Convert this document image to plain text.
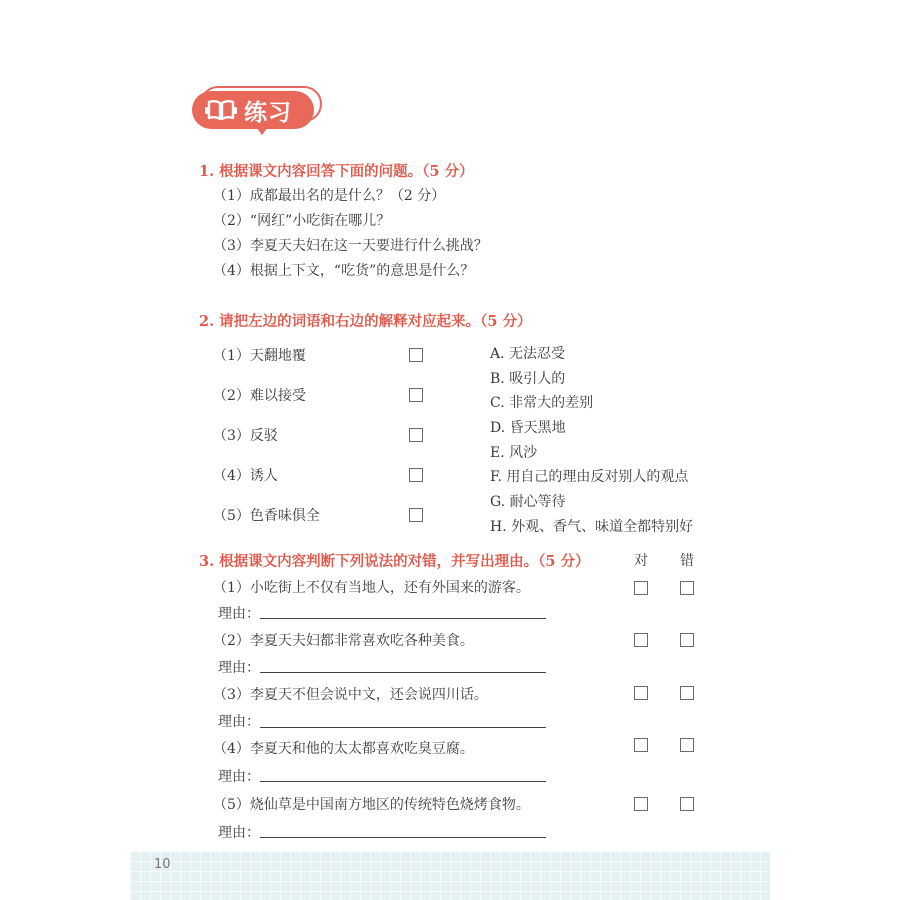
练习
1. 根据课文内容回答下面的问题。（5 分）
（1）成都最出名的是什么？（2 分）
（2）“网红”小吃街在哪儿？
（3）李夏天夫妇在这一天要进行什么挑战？
（4）根据上下文，“吃货”的意思是什么？
2. 请把左边的词语和右边的解释对应起来。（5 分）
（1）天翻地覆
（2）难以接受
（3）反驳
（4）诱人
（5）色香味俱全
A. 无法忍受
B. 吸引人的
C. 非常大的差别
D. 昏天黑地
E. 风沙
F. 用自己的理由反对别人的观点
G. 耐心等待
H. 外观、香气、味道全都特别好
3. 根据课文内容判断下列说法的对错，并写出理由。（5 分）	对 错
（1）小吃街上不仅有当地人，还有外国来的游客。
理由：
（2）李夏天夫妇都非常喜欢吃各种美食。
理由：
（3）李夏天不但会说中文，还会说四川话。
理由：
（4）李夏天和他的太太都喜欢吃臭豆腐。
理由：
（5）烧仙草是中国南方地区的传统特色烧烤食物。
理由：
10
